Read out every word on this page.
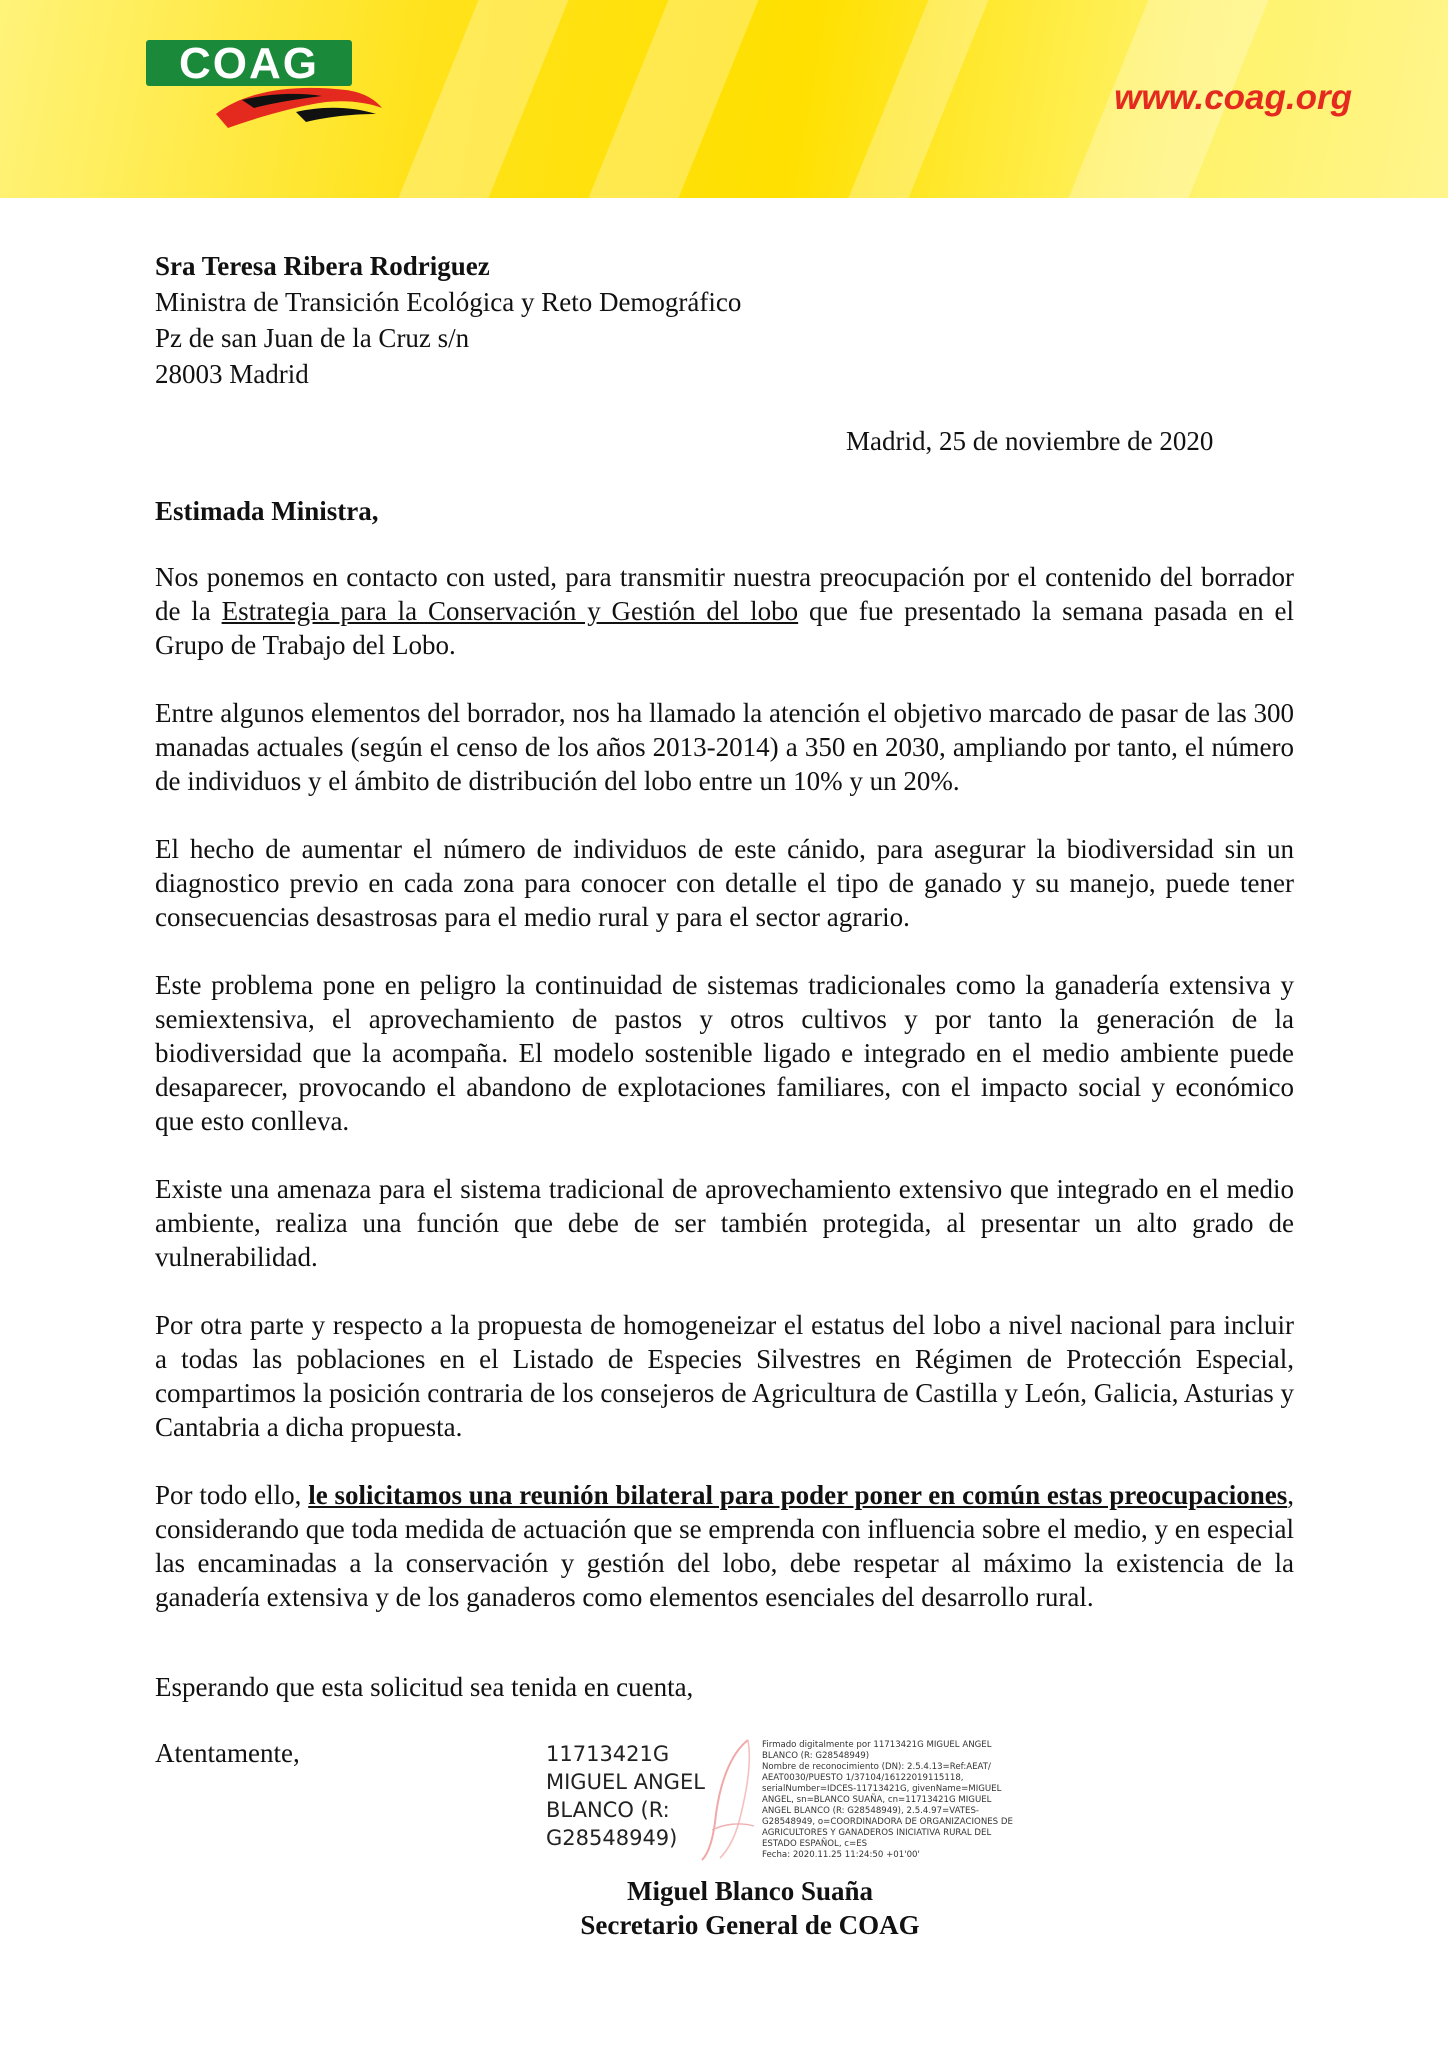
COAG
www.coag.org
Sra Teresa Ribera Rodriguez
Ministra de Transición Ecológica y Reto Demográfico
Pz de san Juan de la Cruz s/n
28003 Madrid
Madrid, 25 de noviembre de 2020
Estimada Ministra,

Nos ponemos en contacto con usted, para transmitir nuestra preocupación por el contenido del borrador de la Estrategia para la Conservación y Gestión del lobo que fue presentado la semana pasada en el Grupo de Trabajo del Lobo.

Entre algunos elementos del borrador, nos ha llamado la atención el objetivo marcado de pasar de las 300 manadas actuales (según el censo de los años 2013-2014) a 350 en 2030, ampliando por tanto, el número de individuos y el ámbito de distribución del lobo entre un 10% y un 20%.

El hecho de aumentar el número de individuos de este cánido, para asegurar la biodiversidad sin un diagnostico previo en cada zona para conocer con detalle el tipo de ganado y su manejo, puede tener consecuencias desastrosas para el medio rural y para el sector agrario.

Este problema pone en peligro la continuidad de sistemas tradicionales como la ganadería extensiva y semiextensiva, el aprovechamiento de pastos y otros cultivos y por tanto la generación de la biodiversidad que la acompaña. El modelo sostenible ligado e integrado en el medio ambiente puede desaparecer, provocando el abandono de explotaciones familiares, con el impacto social y económico que esto conlleva.

Existe una amenaza para el sistema tradicional de aprovechamiento extensivo que integrado en el medio ambiente, realiza una función que debe de ser también protegida, al presentar un alto grado de vulnerabilidad.

Por otra parte y respecto a la propuesta de homogeneizar el estatus del lobo a nivel nacional para incluir a todas las poblaciones en el Listado de Especies Silvestres en Régimen de Protección Especial, compartimos la posición contraria de los consejeros de Agricultura de Castilla y León, Galicia, Asturias y Cantabria a dicha propuesta.

Por todo ello, le solicitamos una reunión bilateral para poder poner en común estas preocupaciones, considerando que toda medida de actuación que se emprenda con influencia sobre el medio, y en especial las encaminadas a la conservación y gestión del lobo, debe respetar al máximo la existencia de la ganadería extensiva y de los ganaderos como elementos esenciales del desarrollo rural.

Esperando que esta solicitud sea tenida en cuenta,
Atentamente,	11713421G
MIGUEL ANGEL
BLANCO (R:
G28548949)
Firmado digitalmente por 11713421G MIGUEL ANGEL
BLANCO (R: G28548949)
Nombre de reconocimiento (DN): 2.5.4.13=Ref:AEAT/
AEAT0030/PUESTO 1/37104/16122019115118,
serialNumber=IDCES-11713421G, givenName=MIGUEL
ANGEL, sn=BLANCO SUAÑA, cn=11713421G MIGUEL
ANGEL BLANCO (R: G28548949), 2.5.4.97=VATES-
G28548949, o=COORDINADORA DE ORGANIZACIONES DE
AGRICULTORES Y GANADEROS INICIATIVA RURAL DEL
ESTADO ESPAÑOL, c=ES
Fecha: 2020.11.25 11:24:50 +01'00'
Miguel Blanco Suaña
Secretario General de COAG
